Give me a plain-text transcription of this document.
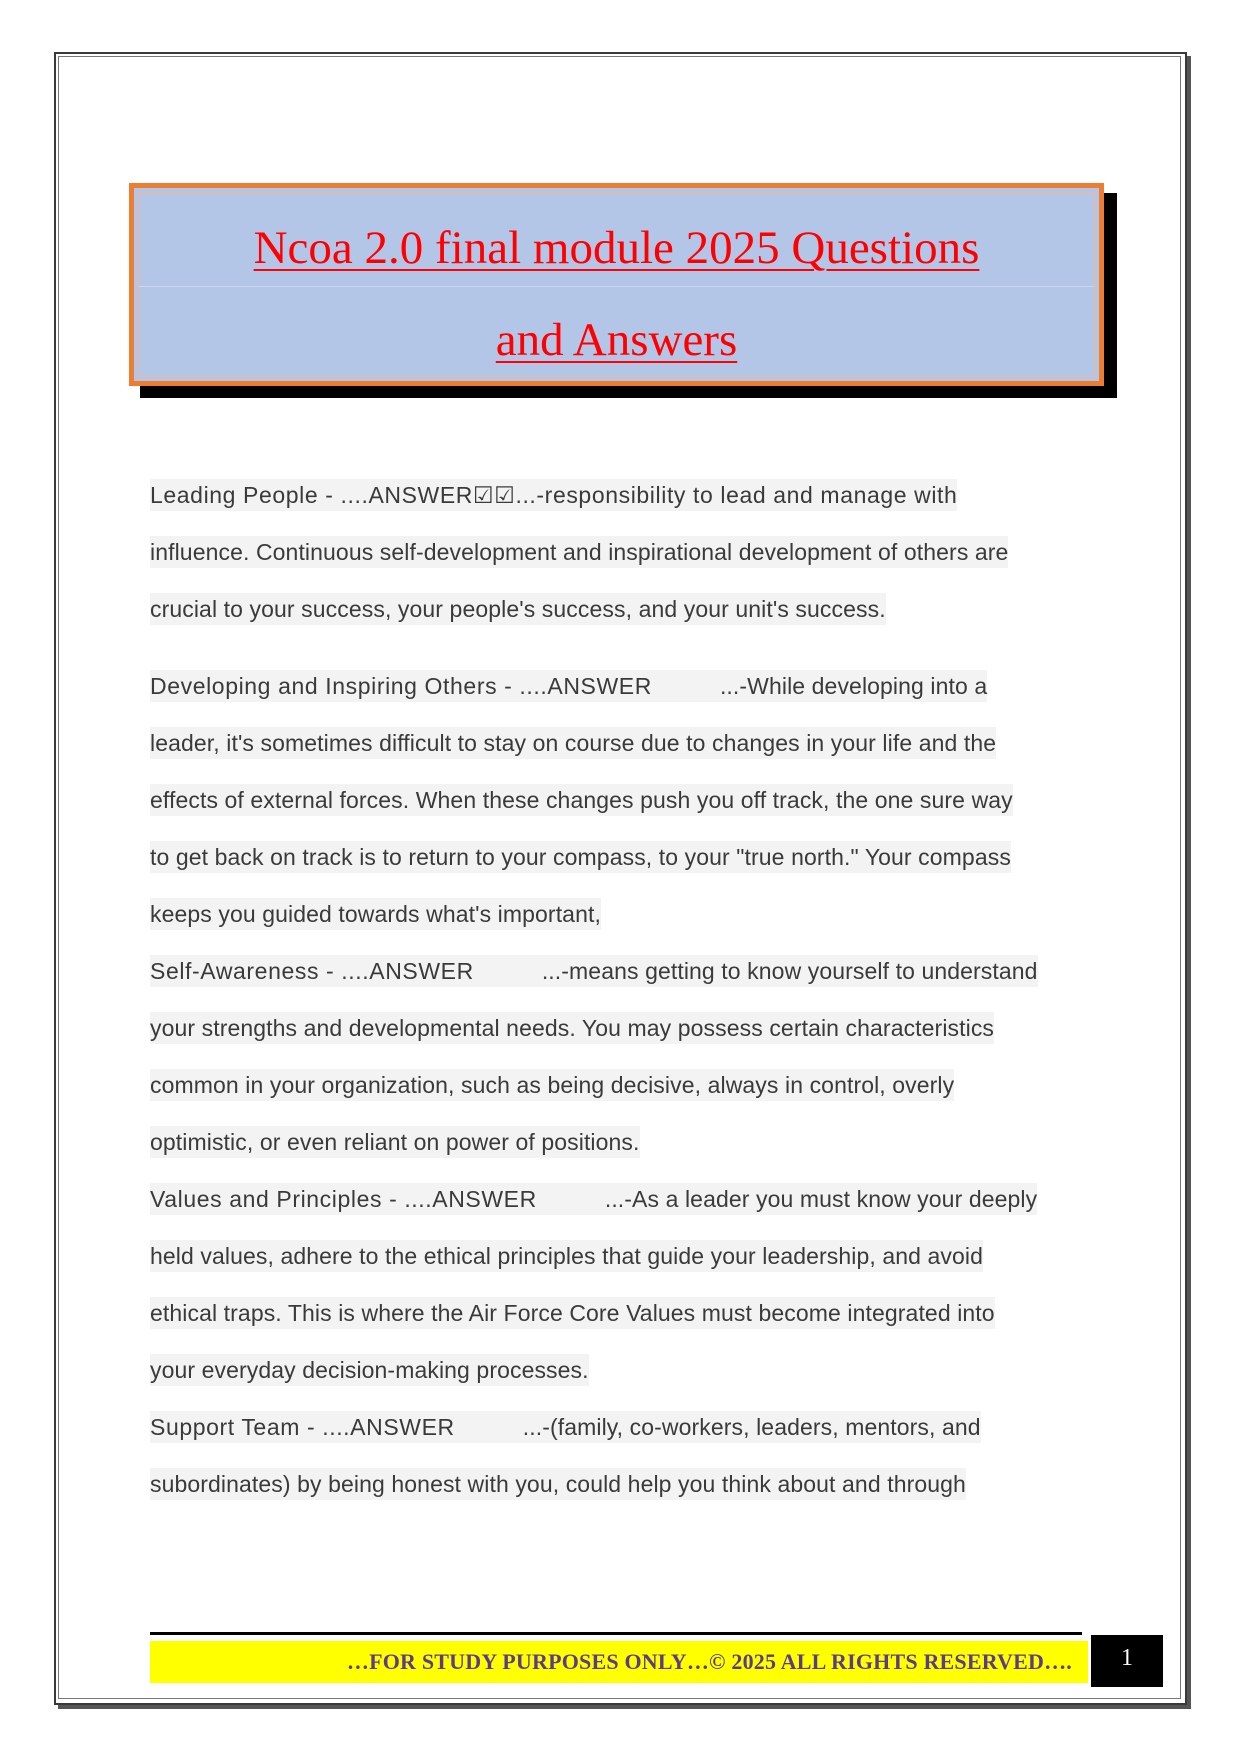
Ncoa 2.0 final module 2025 Questions
and Answers
Leading People - ....ANSWER☑☑...-responsibility to lead and manage with
influence. Continuous self-development and inspirational development of others are
crucial to your success, your people's success, and your unit's success.
Developing and Inspiring Others - ....ANSWER	...-While developing into a
leader, it's sometimes difficult to stay on course due to changes in your life and the
effects of external forces. When these changes push you off track, the one sure way
to get back on track is to return to your compass, to your "true north." Your compass
keeps you guided towards what's important,
Self-Awareness - ....ANSWER	...-means getting to know yourself to understand
your strengths and developmental needs. You may possess certain characteristics
common in your organization, such as being decisive, always in control, overly
optimistic, or even reliant on power of positions.
Values and Principles - ....ANSWER	...-As a leader you must know your deeply
held values, adhere to the ethical principles that guide your leadership, and avoid
ethical traps. This is where the Air Force Core Values must become integrated into
your everyday decision-making processes.
Support Team - ....ANSWER	...-(family, co-workers, leaders, mentors, and
subordinates) by being honest with you, could help you think about and through
…FOR STUDY PURPOSES ONLY…© 2025 ALL RIGHTS RESERVED….	1
